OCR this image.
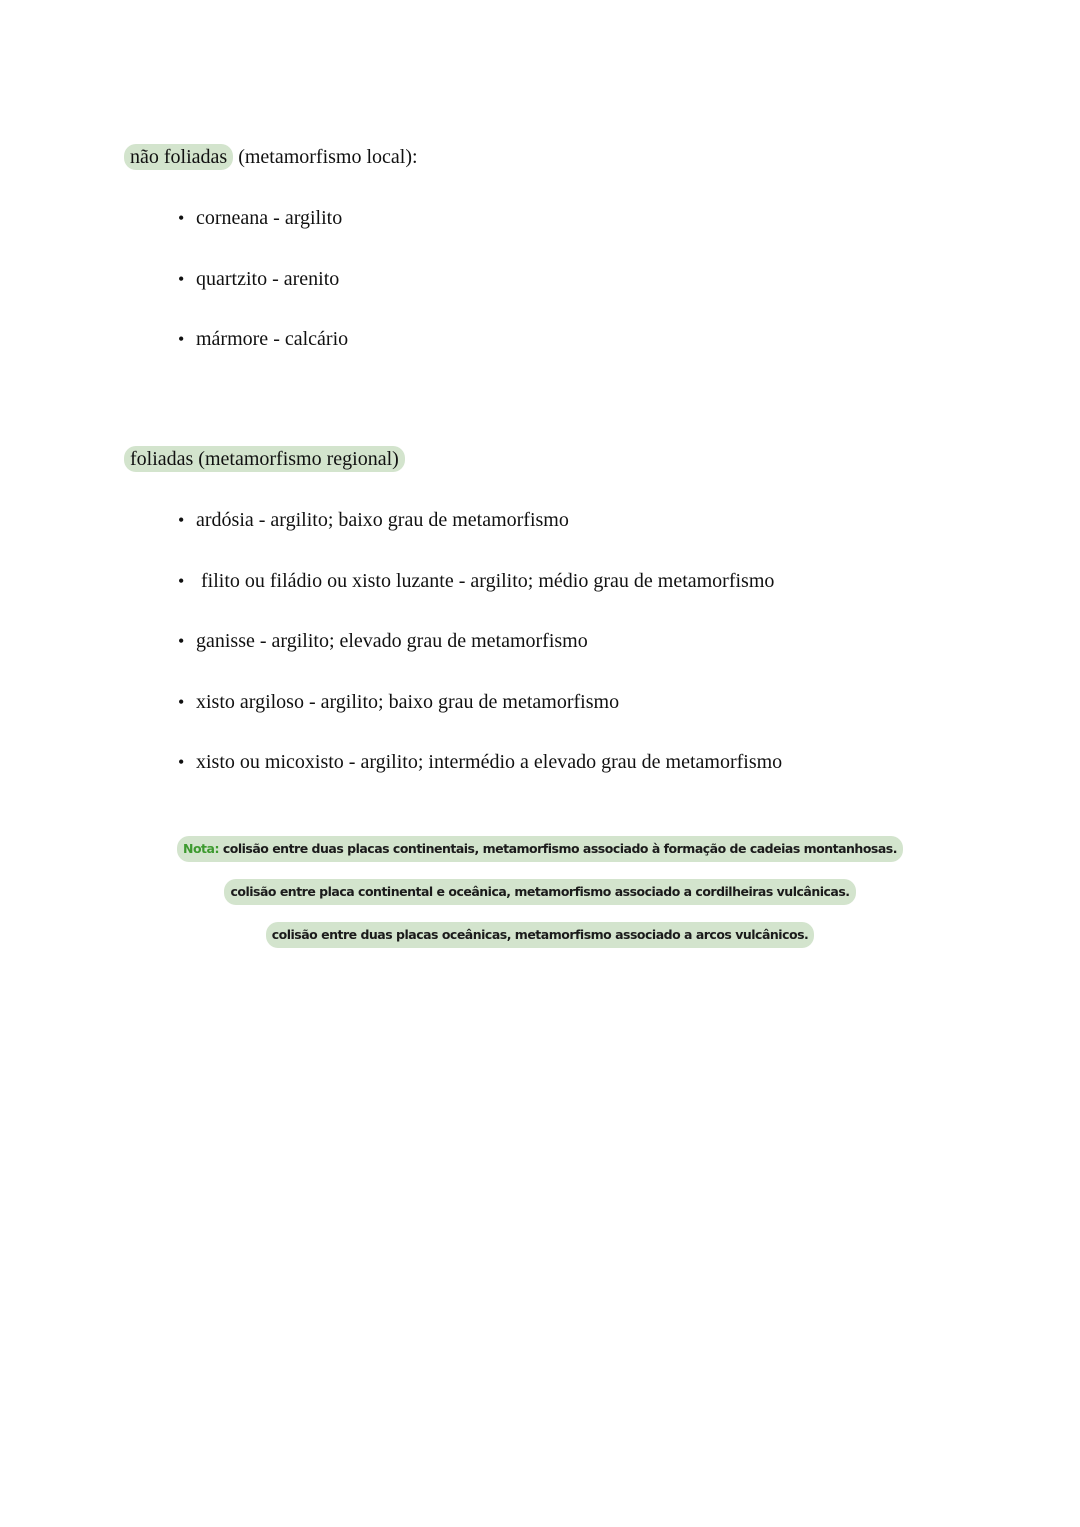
não foliadas (metamorfismo local):
• corneana - argilito
• quartzito - arenito
• mármore - calcário
foliadas (metamorfismo regional)
• ardósia - argilito; baixo grau de metamorfismo
• filito ou filádio ou xisto luzante - argilito; médio grau de metamorfismo
• ganisse - argilito; elevado grau de metamorfismo
• xisto argiloso - argilito; baixo grau de metamorfismo
• xisto ou micoxisto - argilito; intermédio a elevado grau de metamorfismo
Nota: colisão entre duas placas continentais, metamorfismo associado à formação de cadeias montanhosas.
colisão entre placa continental e oceânica, metamorfismo associado a cordilheiras vulcânicas.
colisão entre duas placas oceânicas, metamorfismo associado a arcos vulcânicos.
